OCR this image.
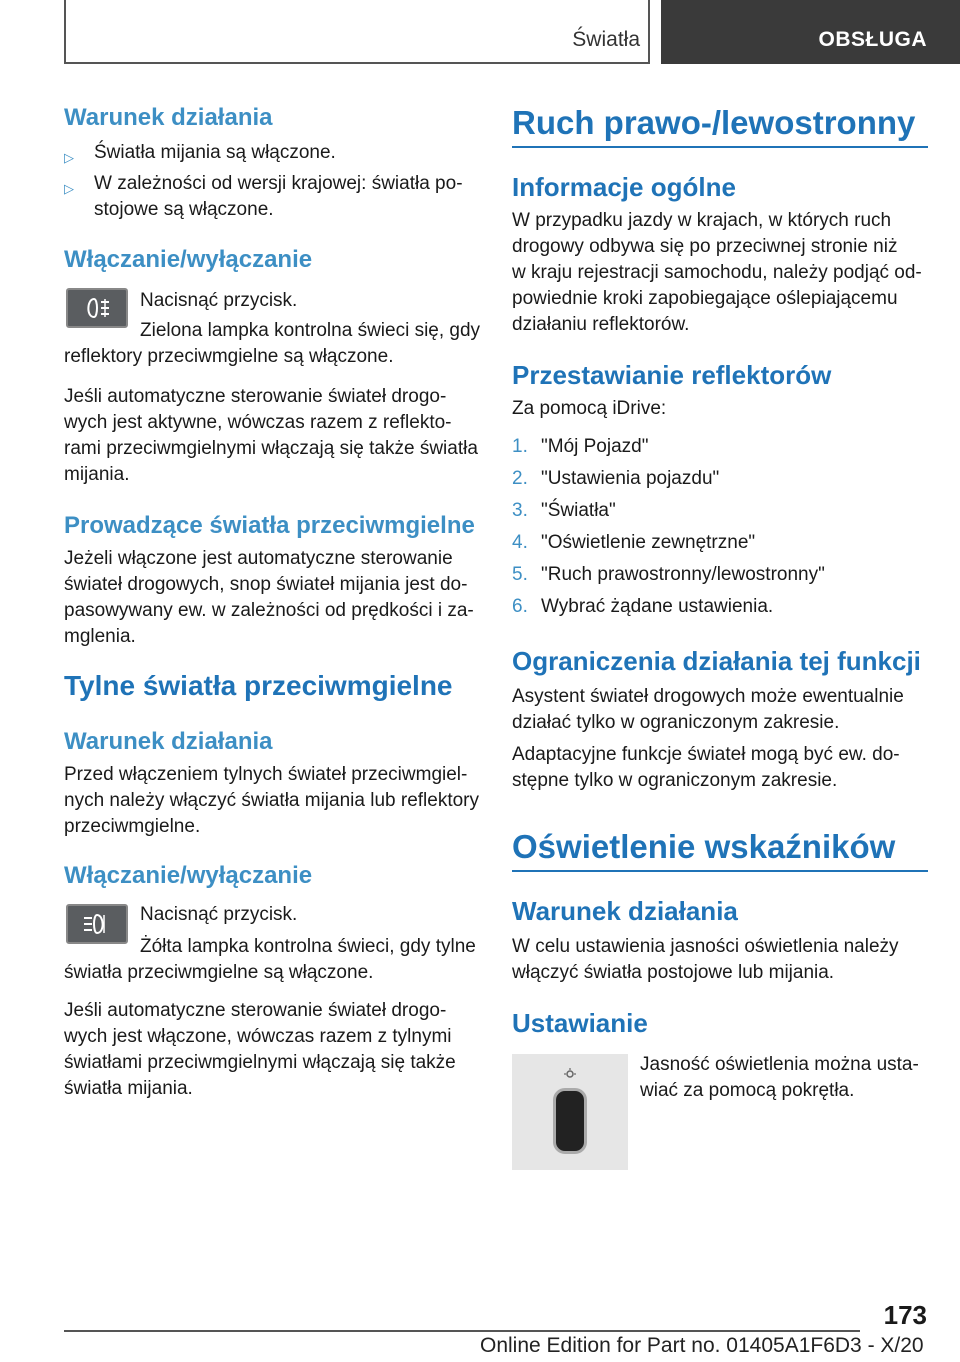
Światła	OBSŁUGA
Warunek działania
▷ Światła mijania są włączone.
▷ W zależności od wersji krajowej: światła po‐
stojowe są włączone.
Włączanie/wyłączanie
Nacisnąć przycisk.
Zielona lampka kontrolna świeci się, gdy
reflektory przeciwmgielne są włączone.
Jeśli automatyczne sterowanie świateł drogo‐
wych jest aktywne, wówczas razem z reflekto‐
rami przeciwmgielnymi włączają się także światła
mijania.
Prowadzące światła przeciwmgielne
Jeżeli włączone jest automatyczne sterowanie
świateł drogowych, snop świateł mijania jest do‐
pasowywany ew. w zależności od prędkości i za‐
mglenia.
Tylne światła przeciwmgielne
Warunek działania
Przed włączeniem tylnych świateł przeciwmgiel‐
nych należy włączyć światła mijania lub reflektory
przeciwmgielne.
Włączanie/wyłączanie
Nacisnąć przycisk.
Żółta lampka kontrolna świeci, gdy tylne
światła przeciwmgielne są włączone.
Jeśli automatyczne sterowanie świateł drogo‐
wych jest włączone, wówczas razem z tylnymi
światłami przeciwmgielnymi włączają się także
światła mijania.
Ruch prawo-/lewostronny
Informacje ogólne
W przypadku jazdy w krajach, w których ruch
drogowy odbywa się po przeciwnej stronie niż
w kraju rejestracji samochodu, należy podjąć od‐
powiednie kroki zapobiegające oślepiającemu
działaniu reflektorów.
Przestawianie reflektorów
Za pomocą iDrive:
1. "Mój Pojazd"
2. "Ustawienia pojazdu"
3. "Światła"
4. "Oświetlenie zewnętrzne"
5. "Ruch prawostronny/lewostronny"
6. Wybrać żądane ustawienia.
Ograniczenia działania tej funkcji
Asystent świateł drogowych może ewentualnie
działać tylko w ograniczonym zakresie.
Adaptacyjne funkcje świateł mogą być ew. do‐
stępne tylko w ograniczonym zakresie.
Oświetlenie wskaźników
Warunek działania
W celu ustawienia jasności oświetlenia należy
włączyć światła postojowe lub mijania.
Ustawianie
Jasność oświetlenia można usta‐
wiać za pomocą pokrętła.
173
Online Edition for Part no. 01405A1F6D3 - X/20
